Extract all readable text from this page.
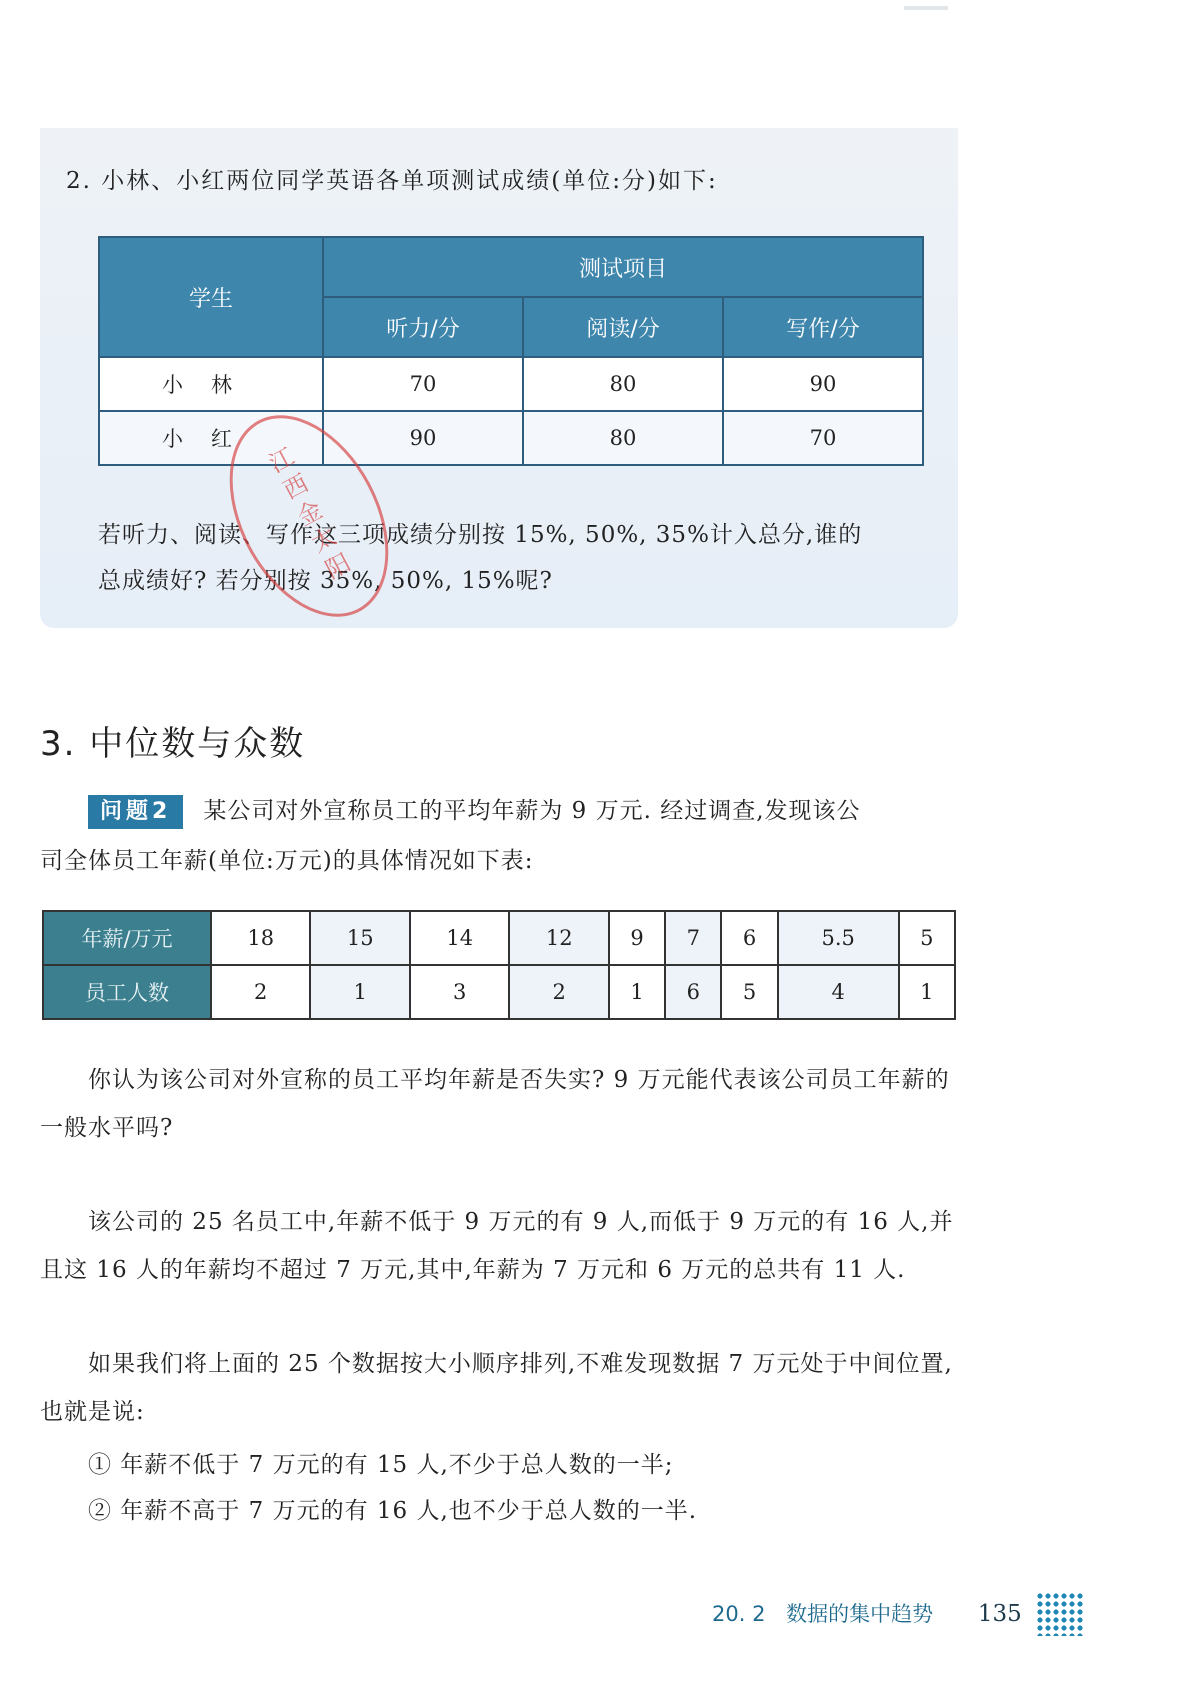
2. 小林、小红两位同学英语各单项测试成绩(单位:分)如下:
学生	测试项目		
	听力/分	阅读/分	写作/分
小林	70	80	90
小红	90	80	70
若听力、阅读、写作这三项成绩分别按 15%, 50%, 35%计入总分,谁的
总成绩好? 若分别按 35%, 50%, 15%呢?
江西金太阳
3. 中位数与众数
问题2 某公司对外宣称员工的平均年薪为 9 万元. 经过调查,发现该公
司全体员工年薪(单位:万元)的具体情况如下表:
年薪/万元	18	15	14	12	9	7	6	5.5	5
员工人数	2	1	3	2	1	6	5	4	1
你认为该公司对外宣称的员工平均年薪是否失实? 9 万元能代表该公司员工年薪的一般水平吗?
该公司的 25 名员工中,年薪不低于 9 万元的有 9 人,而低于 9 万元的有 16 人,并且这 16 人的年薪均不超过 7 万元,其中,年薪为 7 万元和 6 万元的总共有 11 人.
如果我们将上面的 25 个数据按大小顺序排列,不难发现数据 7 万元处于中间位置,也就是说:
① 年薪不低于 7 万元的有 15 人,不少于总人数的一半;
② 年薪不高于 7 万元的有 16 人,也不少于总人数的一半.
20. 2 数据的集中趋势 135
